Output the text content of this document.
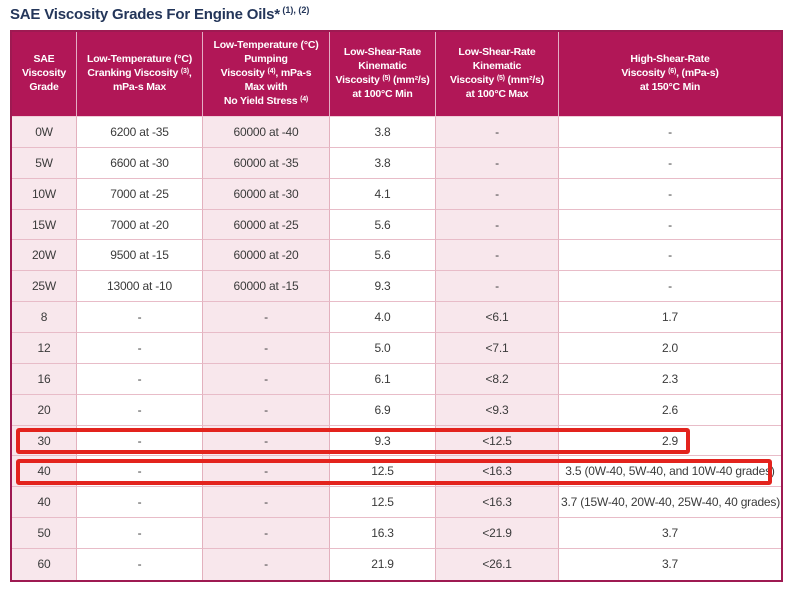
SAE Viscosity Grades For Engine Oils* $^{(1), (2)}$
SAE
Viscosity
Grade	Low-Temperature (°C)
Cranking Viscosity $^{(3)}$,
mPa-s Max	Low-Temperature (°C)
Pumping
Viscosity $^{(4)}$, mPa-s
Max with
No Yield Stress $^{(4)}$	Low-Shear-Rate
Kinematic
Viscosity $^{(5)}$ (mm²/s)
at 100°C Min	Low-Shear-Rate
Kinematic
Viscosity $^{(5)}$ (mm²/s)
at 100°C Max	High-Shear-Rate
Viscosity $^{(6)}$, (mPa-s)
at 150°C Min
0W	6200 at -35	60000 at -40	3.8	-	-
5W	6600 at -30	60000 at -35	3.8	-	-
10W	7000 at -25	60000 at -30	4.1	-	-
15W	7000 at -20	60000 at -25	5.6	-	-
20W	9500 at -15	60000 at -20	5.6	-	-
25W	13000 at -10	60000 at -15	9.3	-	-
8	-	-	4.0	<6.1	1.7
12	-	-	5.0	<7.1	2.0
16	-	-	6.1	<8.2	2.3
20	-	-	6.9	<9.3	2.6
30	-	-	9.3	<12.5	2.9
40	-	-	12.5	<16.3	3.5 (0W-40, 5W-40, and 10W-40 grades)
40	-	-	12.5	<16.3	3.7 (15W-40, 20W-40, 25W-40, 40 grades)
50	-	-	16.3	<21.9	3.7
60	-	-	21.9	<26.1	3.7
